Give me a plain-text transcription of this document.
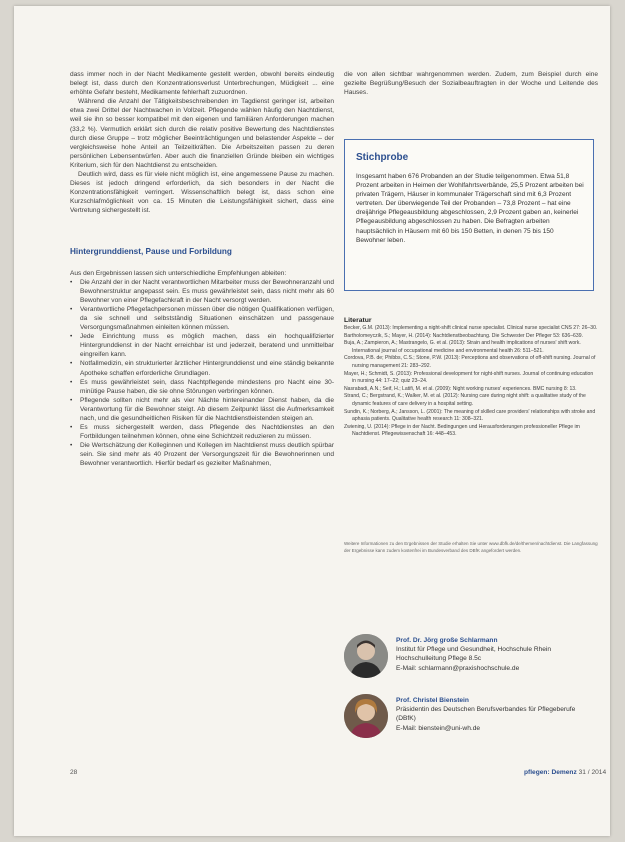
dass immer noch in der Nacht Medikamente gestellt werden, obwohl bereits eindeutig belegt ist, dass durch den Konzentrationsverlust Unterbrechungen, Müdigkeit ... eine erhöhte Gefahr besteht, Medikamente fehlerhaft zuzuordnen.

Während die Anzahl der Tätigkeitsbeschreibenden im Tagdienst geringer ist, arbeiten etwa zwei Drittel der Nachtwachen in Vollzeit. Pflegende wählen häufig den Nachtdienst, weil sie ihn so besser kompatibel mit den eigenen und familiären Anforderungen machen (33,2 %). Vermutlich erklärt sich durch die relativ positive Bewertung des Nachtdienstes durch diese Gruppe – trotz möglicher Beeinträchtigungen und belastender Aspekte – der vergleichsweise hohe Anteil an Teilzeitkräften. Die Arbeitszeiten passen zu deren persönlichen Lebensentwürfen. Aber auch die finanziellen Gründe bleiben ein wichtiges Kriterium, sich für den Nachtdienst zu entscheiden.

Deutlich wird, dass es für viele nicht möglich ist, eine angemessene Pause zu machen. Dieses ist jedoch dringend erforderlich, da sich besonders in der Nacht die Konzentrationsfähigkeit verringert. Wissenschaftlich belegt ist, dass schon eine Kurzschlafmöglichkeit von ca. 15 Minuten die Leistungsfähigkeit sichert, dass eine Vertretung sichergestellt ist.

Hintergrunddienst, Pause und Forbildung

Aus den Ergebnissen lassen sich unterschiedliche Empfehlungen ableiten:

• Die Anzahl der in der Nacht verantwortlichen Mitarbeiter muss der Bewohneranzahl und Bewohnerstruktur angepasst sein. Es muss gewährleistet sein, dass nicht mehr als 60 Bewohner von einer Pflegefachkraft in der Nacht versorgt werden.
• Verantwortliche Pflegefachpersonen müssen über die nötigen Qualifikationen verfügen, da sie schnell und selbstständig Situationen einschätzen und passgenaue Versorgungsmaßnahmen einleiten können müssen.
• Jede Einrichtung muss es möglich machen, dass ein hochqualifizierter Hintergrunddienst in der Nacht erreichbar ist und jederzeit, beratend und unmittelbar eingreifen kann.
• Notfallmedizin, ein strukturierter ärztlicher Hintergrunddienst und eine ständig bekannte Apotheke schaffen erforderliche Grundlagen.
• Es muss gewährleistet sein, dass Nachtpflegende mindestens pro Nacht eine 30-minütige Pause haben, die sie ohne Störungen verbringen können.
• Pflegende sollten nicht mehr als vier Nächte hintereinander Dienst haben, da die Verantwortung für die Bewohner steigt. Ab diesem Zeitpunkt lässt die Aufmerksamkeit nach, und die gesundheitlichen Risiken für die Nachtdienstleistenden steigen an.
• Es muss sichergestellt werden, dass Pflegende des Nachtdienstes an den Fortbildungen teilnehmen können, ohne eine Schichtzeit reduzieren zu müssen.
• Die Wertschätzung der Kolleginnen und Kollegen im Nachtdienst muss deutlich spürbar sein. Sie sind mehr als 40 Prozent der Versorgungszeit für die Bewohnerinnen und Bewohner verantwortlich. Hierfür bedarf es gezielter Maßnahmen,

die von allen sichtbar wahrgenommen werden. Zudem, zum Beispiel durch eine gezielte Begrüßung/Besuch der Sozialbeauftragten in der Woche und Leitende des Hauses.

Stichprobe
Insgesamt haben 676 Probanden an der Studie teilgenommen. Etwa 51,8 Prozent arbeiten in Heimen der Wohlfahrtsverbände, 25,5 Prozent arbeiten bei privaten Trägern, Häuser in kommunaler Trägerschaft sind mit 6,3 Prozent vertreten. Der überwiegende Teil der Probanden – 73,8 Prozent – hat eine dreijährige Pflegeausbildung abgeschlossen, 2,9 Prozent gaben an, keinerlei Pflegeausbildung abgeschlossen zu haben. Die Befragten arbeiten hauptsächlich in Häusern mit 60 bis 150 Betten, in denen 75 bis 150 Bewohner leben.
Literatur
Becker, G.M. (2013): Implementing a night-shift clinical nurse specialist. Clinical nurse specialist CNS 27: 26–30.
Bartholomeyczik, S.; Mayer, H. (2014): Nachtdienstbeobachtung. Die Schwester Der Pfleger 53: 636–639.
Buja, A.; Zampieron, A.; Mastrangelo, G. et al. (2013): Strain and health implications of nurses' shift work. International journal of occupational medicine and environmental health 26: 511–521.
Cordova, P.B. de; Phibbs, C.S.; Stone, P.W. (2013): Perceptions and observations of off-shift nursing. Journal of nursing management 21: 283–292.
Mayer, H.; Schmidt, S. (2013): Professional development for night-shift nurses. Journal of continuing education in nursing 44: 17–22; quiz 23–24.
Nasrabadi, A.N.; Seif, H.; Latifi, M. et al. (2009): Night working nurses' experiences. BMC nursing 8: 13.
Strand, C.; Bergstrand, K.; Walker, M. et al. (2012): Nursing care during night shift: a qualitative study of the dynamic features of care delivery in a hospital setting.
Sundin, K.; Norberg, A.; Jansson, L. (2001): The meaning of skilled care providers' relationships with stroke and aphasia patients. Qualitative health research 11: 308–321.
Zwiening, U. (2014): Pflege in der Nacht. Bedingungen und Herausforderungen professioneller Pflege im Nachtdienst. Pflegewissenschaft 16: 448–453.
Weitere Informationen zu den Ergebnissen der Studie erhalten Sie unter www.dbfk.de/de/themen/nachtdienst. Die Langfassung der Ergebnisse kann zudem kostenfrei im Bundesverband des DBfK angefordert werden.
Prof. Dr. Jörg große Schlarmann
Institut für Pflege und Gesundheit, Hochschule Rhein
Hochschulleitung Pflege 8.5c
E-Mail: schlarmann@praxishochschule.de
Prof. Christel Bienstein
Präsidentin des Deutschen Berufsverbandes für Pflegeberufe (DBfK)
E-Mail: bienstein@uni-wh.de
28	pflegen: Demenz 31 / 2014
